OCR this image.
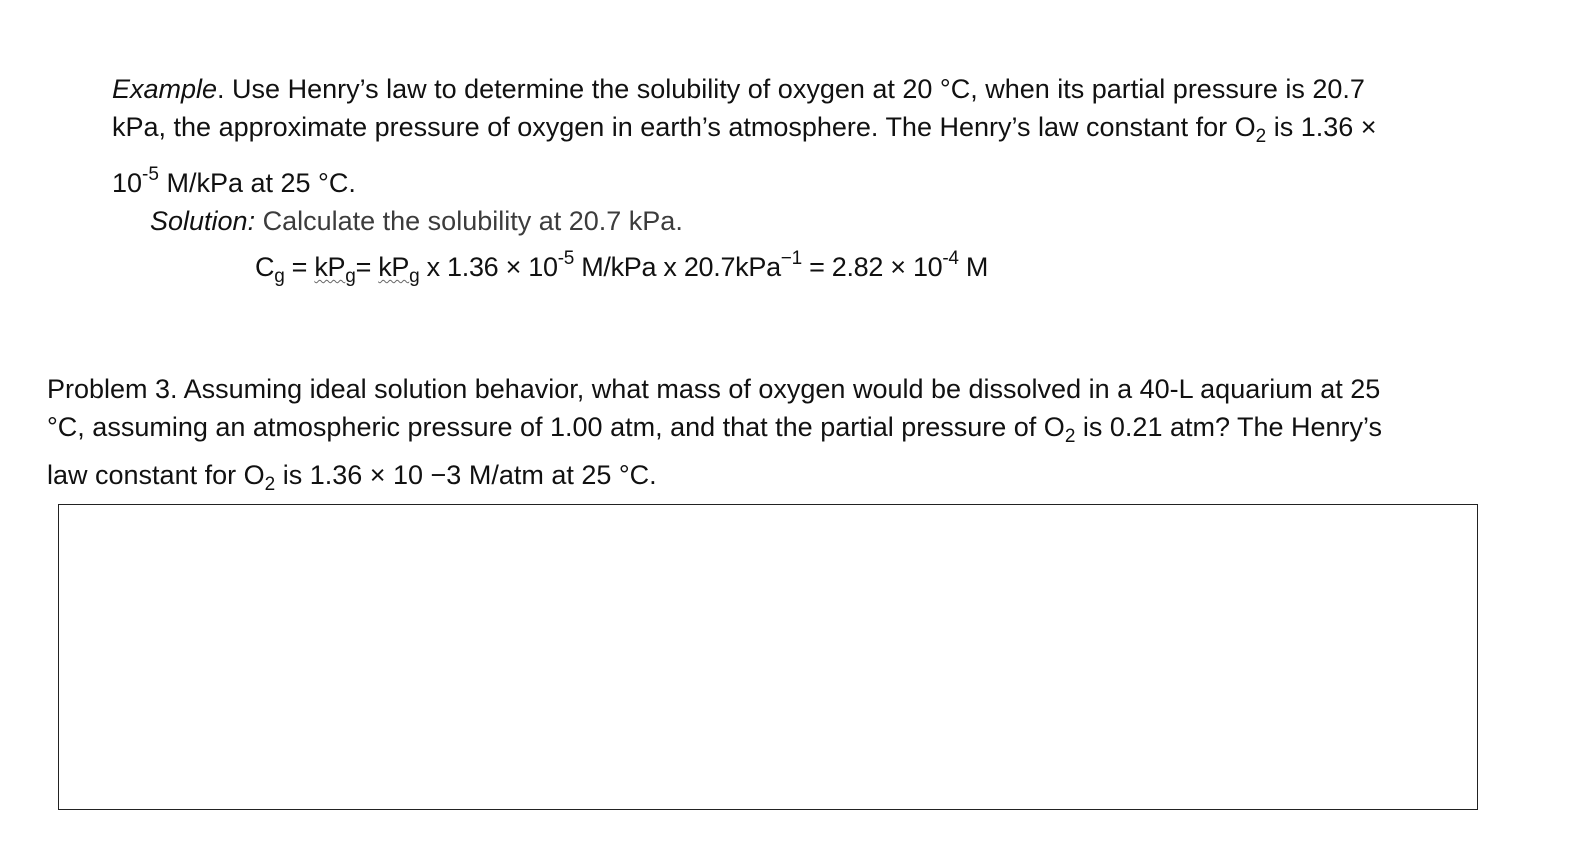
Example. Use Henry’s law to determine the solubility of oxygen at 20 °C, when its partial pressure is 20.7
kPa, the approximate pressure of oxygen in earth’s atmosphere. The Henry’s law constant for $O_2$ is 1.36 ×
$10^{-5}$ M/kPa at 25 °C.
Solution: Calculate the solubility at 20.7 kPa.
$C_g = kP_g= kP_g$ x $1.36 \times 10^{-5}$ M/kPa x $20.7kPa^{-1} = 2.82 \times 10^{-4}$ M
Problem 3. Assuming ideal solution behavior, what mass of oxygen would be dissolved in a 40-L aquarium at 25
°C, assuming an atmospheric pressure of 1.00 atm, and that the partial pressure of $O_2$ is 0.21 atm? The Henry’s
law constant for $O_2$ is 1.36 × 10 −3 M/atm at 25 °C.
